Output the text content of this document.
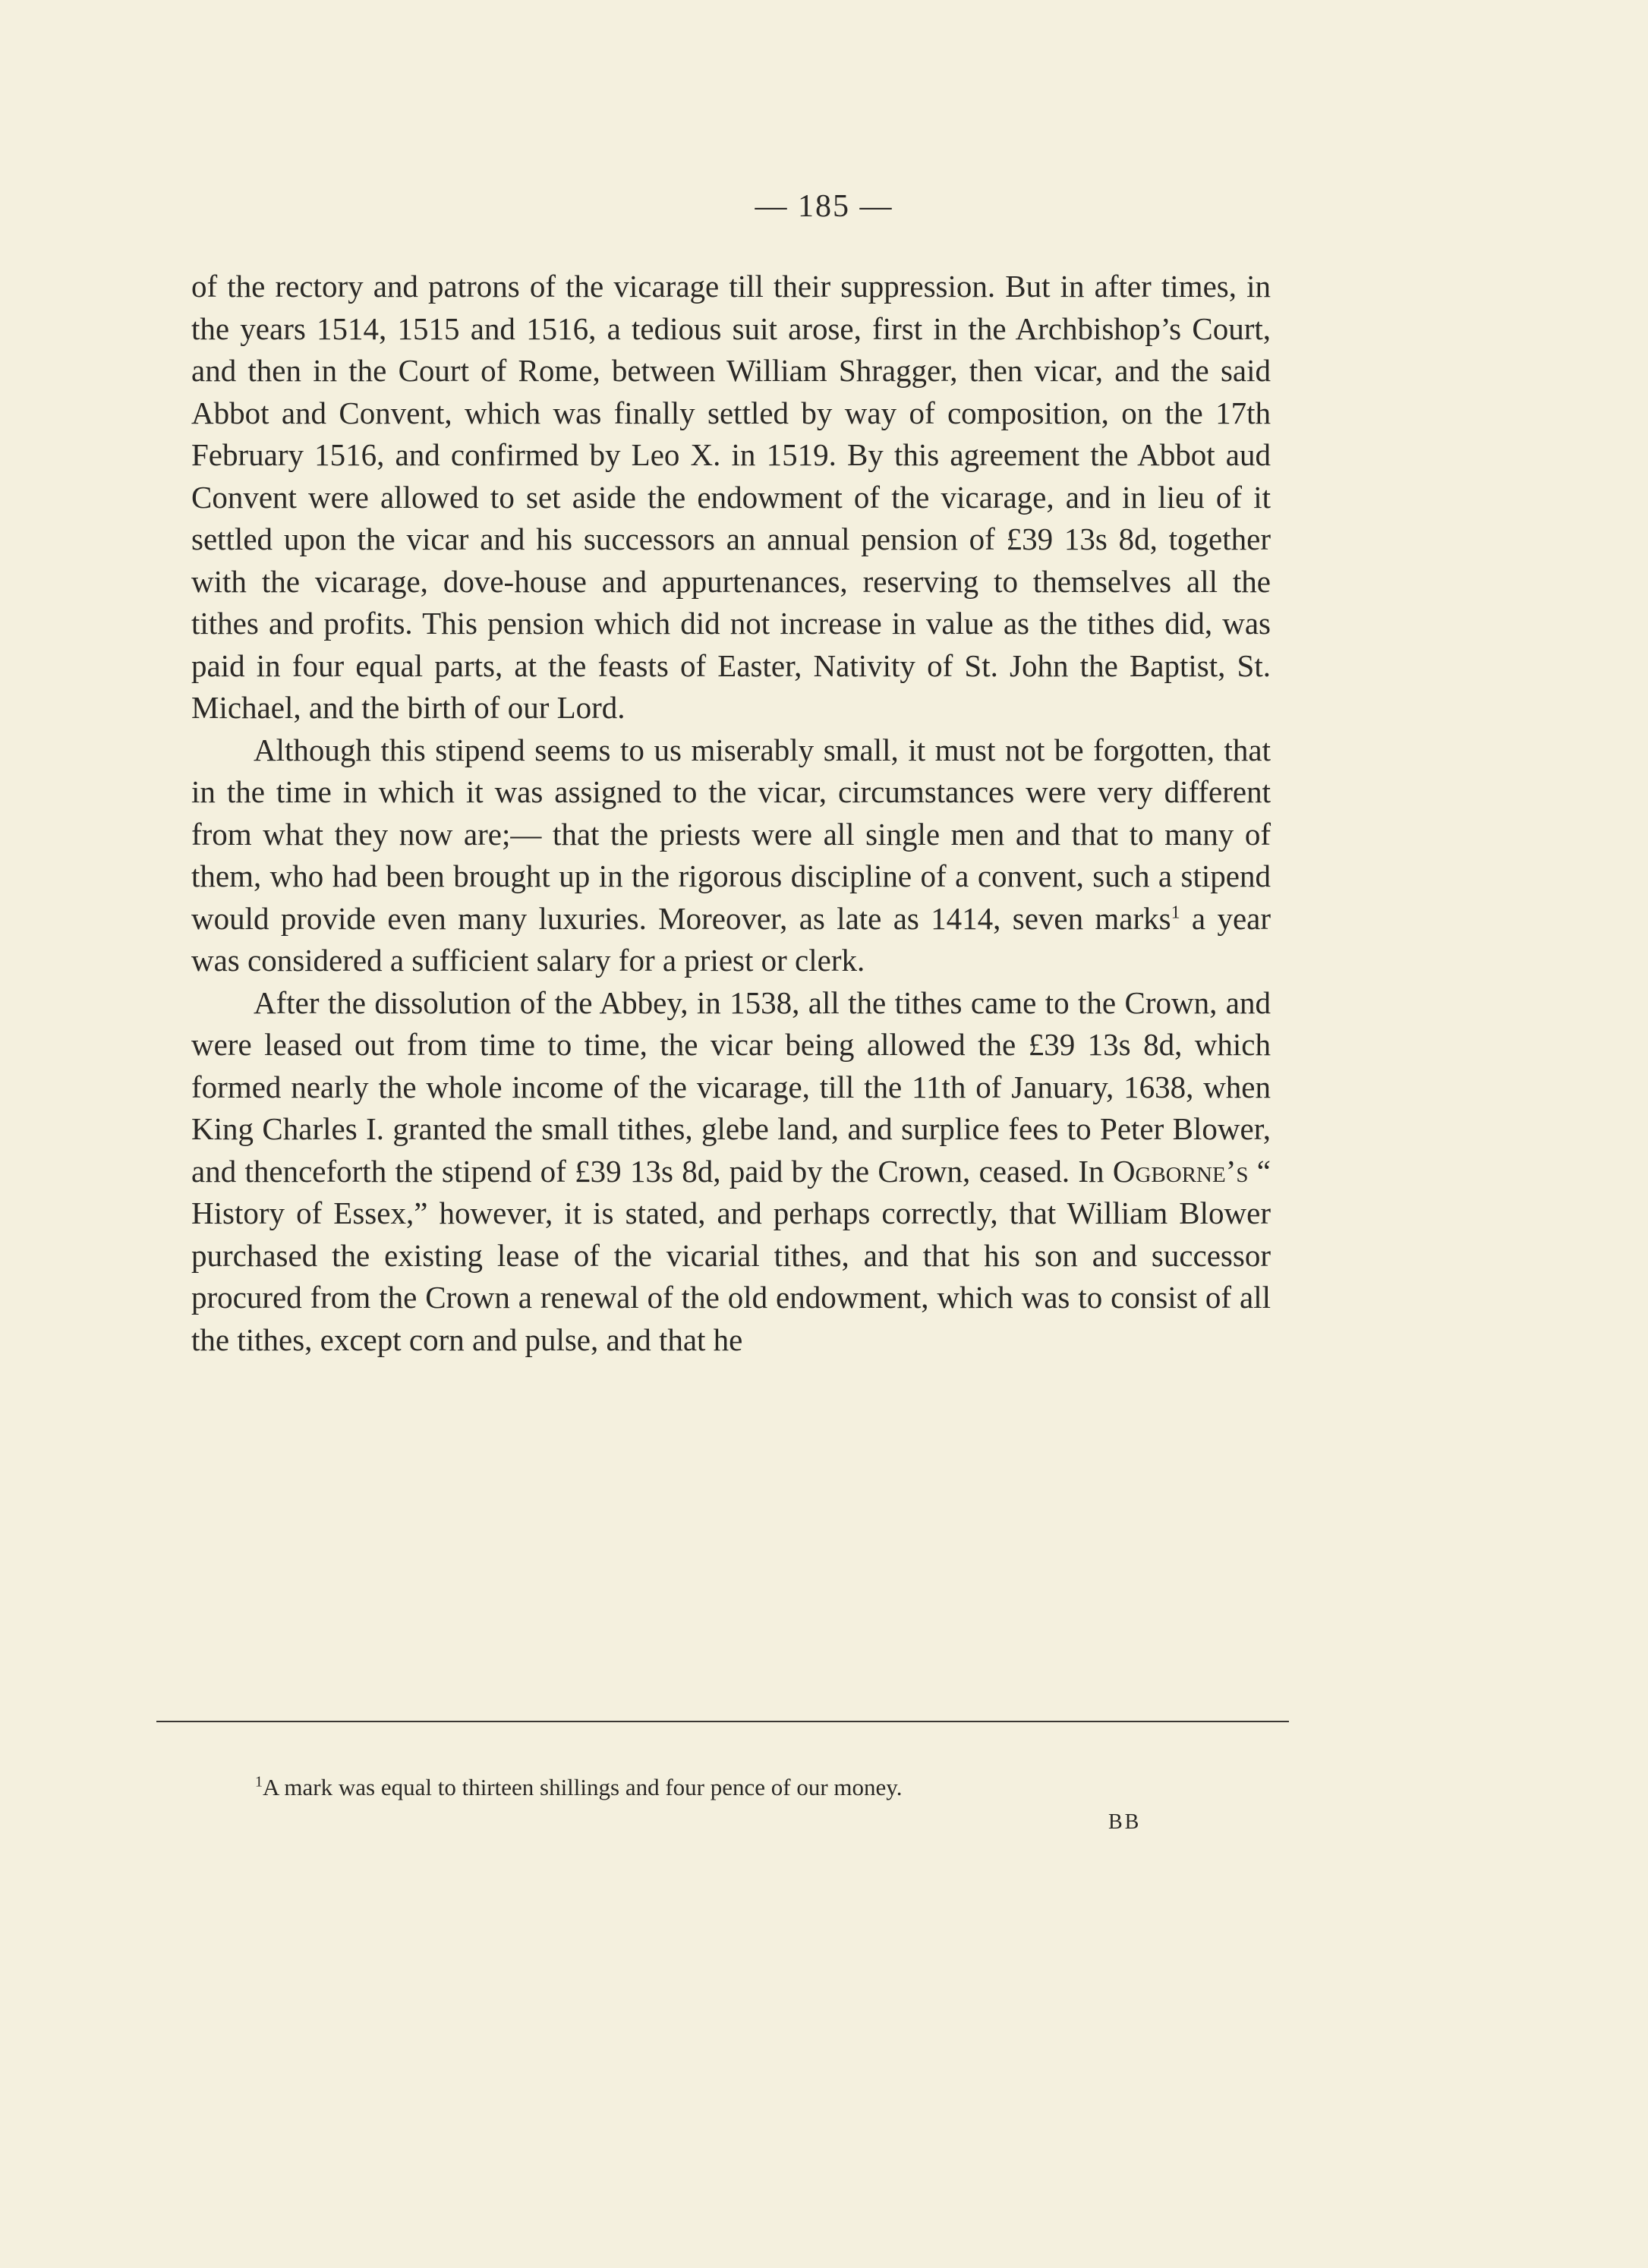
— 185 —

of the rectory and patrons of the vicarage till their suppression. But in after times, in the years 1514, 1515 and 1516, a tedious suit arose, first in the Archbishop’s Court, and then in the Court of Rome, between William Shragger, then vicar, and the said Abbot and Convent, which was finally settled by way of composition, on the 17th February 1516, and confirmed by Leo X. in 1519. By this agreement the Abbot aud Convent were allowed to set aside the endowment of the vicarage, and in lieu of it settled upon the vicar and his successors an annual pension of £39 13s 8d, together with the vicarage, dove-house and appurtenances, reserving to themselves all the tithes and profits. This pension which did not increase in value as the tithes did, was paid in four equal parts, at the feasts of Easter, Nativity of St. John the Baptist, St. Michael, and the birth of our Lord.

Although this stipend seems to us miserably small, it must not be forgotten, that in the time in which it was assigned to the vicar, circumstances were very different from what they now are;— that the priests were all single men and that to many of them, who had been brought up in the rigorous discipline of a convent, such a stipend would provide even many luxuries. Moreover, as late as 1414, seven marks$^1$ a year was considered a sufficient salary for a priest or clerk.

After the dissolution of the Abbey, in 1538, all the tithes came to the Crown, and were leased out from time to time, the vicar being allowed the £39 13s 8d, which formed nearly the whole income of the vicarage, till the 11th of January, 1638, when King Charles I. granted the small tithes, glebe land, and surplice fees to Peter Blower, and thenceforth the stipend of £39 13s 8d, paid by the Crown, ceased. In Ogborne’s “ History of Essex,” however, it is stated, and perhaps correctly, that William Blower purchased the existing lease of the vicarial tithes, and that his son and successor procured from the Crown a renewal of the old endowment, which was to consist of all the tithes, except corn and pulse, and that he

$^1$A mark was equal to thirteen shillings and four pence of our money.
BB
